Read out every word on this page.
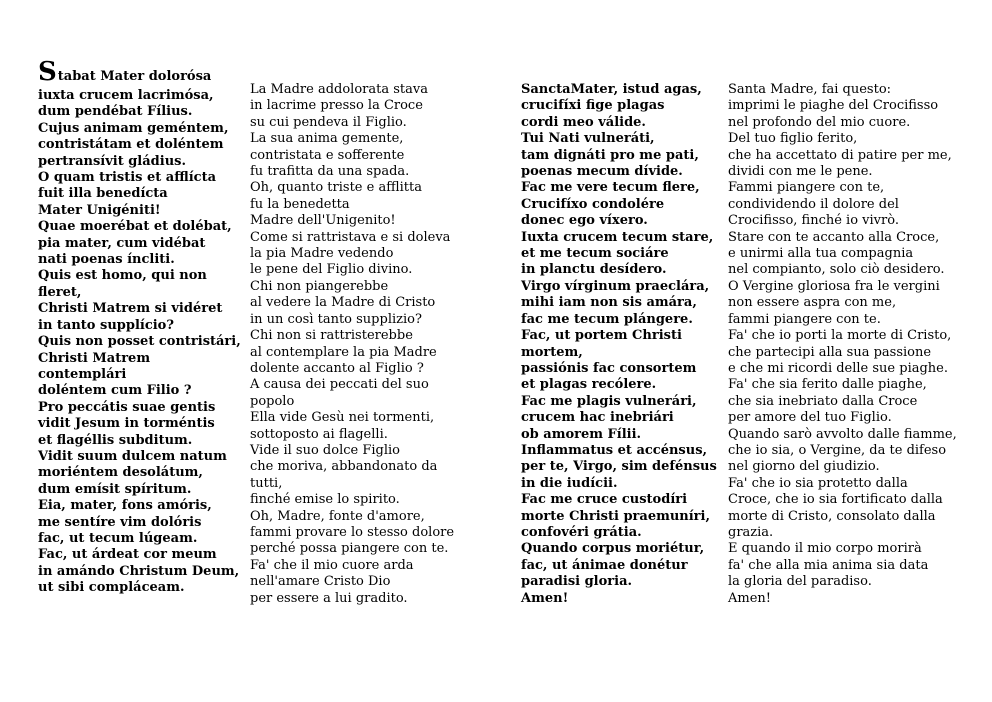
Stabat Mater dolorósa
iuxta crucem lacrimósa,
dum pendébat Fílius.
Cujus animam geméntem,
contristátam et doléntem
pertransívit gládius.
O quam tristis et afflícta
fuit illa benedícta
Mater Unigéniti!
Quae moerébat et dolébat,
pia mater, cum vidébat
nati poenas íncliti.
Quis est homo, qui non
fleret,
Christi Matrem si vidéret
in tanto supplício?
Quis non posset contristári,
Christi Matrem
contemplári
doléntem cum Filio ?
Pro peccátis suae gentis
vidit Jesum in torméntis
et flagéllis subditum.
Vidit suum dulcem natum
moriéntem desolátum,
dum emísit spíritum.
Eia, mater, fons amóris,
me sentíre vim dolóris
fac, ut tecum lúgeam.
Fac, ut árdeat cor meum
in amándo Christum Deum,
ut sibi compláceam.
La Madre addolorata stava
in lacrime presso la Croce
su cui pendeva il Figlio.
La sua anima gemente,
contristata e sofferente
fu trafitta da una spada.
Oh, quanto triste e afflitta
fu la benedetta
Madre dell'Unigenito!
Come si rattristava e si doleva
la pia Madre vedendo
le pene del Figlio divino.
Chi non piangerebbe
al vedere la Madre di Cristo
in un così tanto supplizio?
Chi non si rattristerebbe
al contemplare la pia Madre
dolente accanto al Figlio ?
A causa dei peccati del suo
popolo
Ella vide Gesù nei tormenti,
sottoposto ai flagelli.
Vide il suo dolce Figlio
che moriva, abbandonato da
tutti,
finché emise lo spirito.
Oh, Madre, fonte d'amore,
fammi provare lo stesso dolore
perché possa piangere con te.
Fa' che il mio cuore arda
nell'amare Cristo Dio
per essere a lui gradito.
SanctaMater, istud agas,
crucifíxi fige plagas
cordi meo válide.
Tui Nati vulneráti,
tam dignáti pro me pati,
poenas mecum dívide.
Fac me vere tecum flere,
Crucifíxo condolére
donec ego víxero.
Iuxta crucem tecum stare,
et me tecum sociáre
in planctu desídero.
Virgo vírginum praeclára,
mihi iam non sis amára,
fac me tecum plángere.
Fac, ut portem Christi
mortem,
passiónis fac consortem
et plagas recólere.
Fac me plagis vulnerári,
crucem hac inebriári
ob amorem Fílii.
Inflammatus et accénsus,
per te, Virgo, sim defénsus
in die iudícii.
Fac me cruce custodíri
morte Christi praemuníri,
confovéri grátia.
Quando corpus moriétur,
fac, ut ánimae donétur
paradisi gloria.
Amen!
Santa Madre, fai questo:
imprimi le piaghe del Crocifisso
nel profondo del mio cuore.
Del tuo figlio ferito,
che ha accettato di patire per me,
dividi con me le pene.
Fammi piangere con te,
condividendo il dolore del
Crocifisso, finché io vivrò.
Stare con te accanto alla Croce,
e unirmi alla tua compagnia
nel compianto, solo ciò desidero.
O Vergine gloriosa fra le vergini
non essere aspra con me,
fammi piangere con te.
Fa' che io porti la morte di Cristo,
che partecipi alla sua passione
e che mi ricordi delle sue piaghe.
Fa' che sia ferito dalle piaghe,
che sia inebriato dalla Croce
per amore del tuo Figlio.
Quando sarò avvolto dalle fiamme,
che io sia, o Vergine, da te difeso
nel giorno del giudizio.
Fa' che io sia protetto dalla
Croce, che io sia fortificato dalla
morte di Cristo, consolato dalla
grazia.
E quando il mio corpo morirà
fa' che alla mia anima sia data
la gloria del paradiso.
Amen!
